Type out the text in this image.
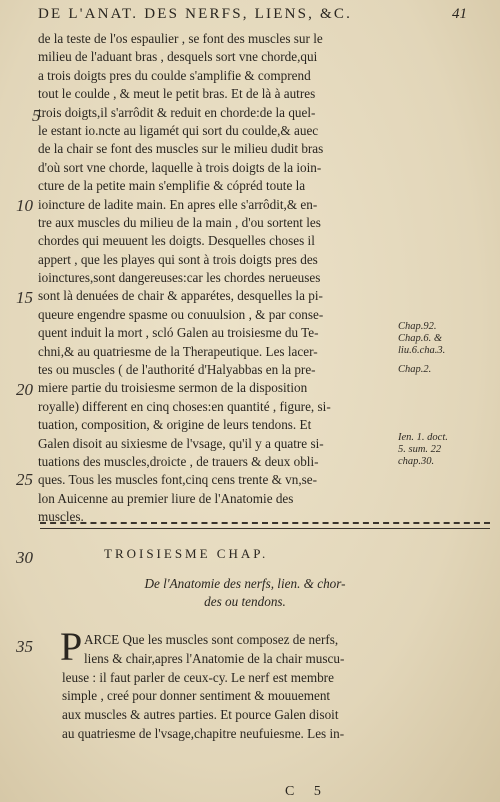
DE L'ANAT. DES NERFS, LIENS, &C.	41
5
10
15
20
25
30
35
de la teste de l'os espaulier , se font des muscles sur le
milieu de l'aduant bras , desquels sort vne chorde,qui
a trois doigts pres du coulde s'amplifie & comprend
tout le coulde , & meut le petit bras. Et de là à autres
trois doigts,il s'arrôdit & reduit en chorde:de la quel-
le estant io.ncte au ligamét qui sort du coulde,& auec
de la chair se font des muscles sur le milieu dudit bras
d'où sort vne chorde, laquelle à trois doigts de la ioin-
cture de la petite main s'emplifie & cópréd toute la
ioincture de ladite main. En apres elle s'arrôdit,& en-
tre aux muscles du milieu de la main , d'ou sortent les
chordes qui meuuent les doigts. Desquelles choses il
appert , que les playes qui sont à trois doigts pres des
ioinctures,sont dangereuses:car les chordes nerueuses
sont là denuées de chair & apparétes, desquelles la pi-
queure engendre spasme ou conuulsion , & par conse-
quent induit la mort , scló Galen au troisiesme du Te-
chni,& au quatriesme de la Therapeutique. Les lacer-
tes ou muscles ( de l'authorité d'Halyabbas en la pre-
miere partie du troisiesme sermon de la disposition
royalle) different en cinq choses:en quantité , figure, si-
tuation, composition, & origine de leurs tendons. Et
Galen disoit au sixiesme de l'vsage, qu'il y a quatre si-
tuations des muscles,droicte , de trauers & deux obli-
ques. Tous les muscles font,cinq cens trente & vn,se-
lon Auicenne au premier liure de l'Anatomie des
muscles.
Chap.92.
Chap.6. &
liu.6.cha.3.
Chap.2.
Ien. 1. doct.
5. sum. 22
chap.30.
TROISIESME CHAP.
De l'Anatomie des nerfs, lien. & chor-
des ou tendons.
P ARCE Que les muscles sont composez de nerfs,
liens & chair,apres l'Anatomie de la chair muscu-
leuse : il faut parler de ceux-cy. Le nerf est membre
simple , creé pour donner sentiment & mouuement
aux muscles & autres parties. Et pource Galen disoit
au quatriesme de l'vsage,chapitre neufuiesme. Les in-
C 5
